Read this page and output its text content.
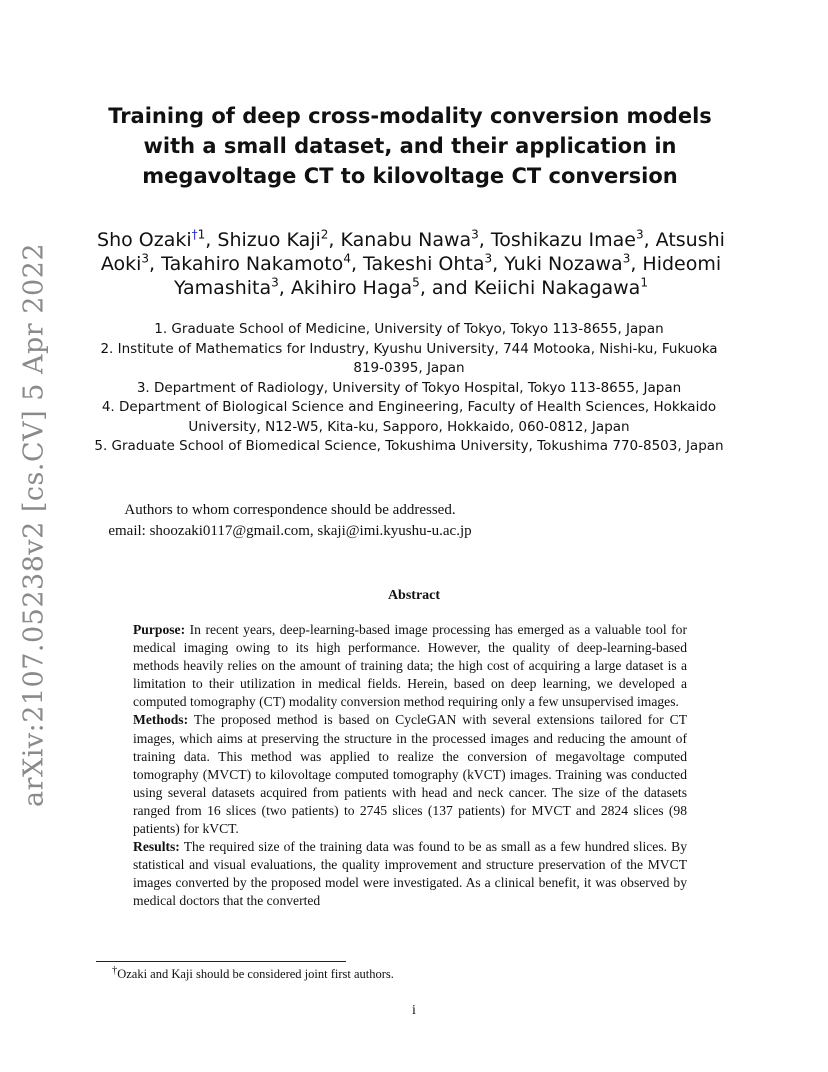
arXiv:2107.05238v2 [cs.CV] 5 Apr 2022
Training of deep cross-modality conversion models with a small dataset, and their application in megavoltage CT to kilovoltage CT conversion
Sho Ozaki$^{\dagger 1}$, Shizuo Kaji$^2$, Kanabu Nawa$^3$, Toshikazu Imae$^3$, Atsushi Aoki$^3$, Takahiro Nakamoto$^4$, Takeshi Ohta$^3$, Yuki Nozawa$^3$, Hideomi Yamashita$^3$, Akihiro Haga$^5$, and Keiichi Nakagawa$^1$
1. Graduate School of Medicine, University of Tokyo, Tokyo 113-8655, Japan
2. Institute of Mathematics for Industry, Kyushu University, 744 Motooka, Nishi-ku, Fukuoka 819-0395, Japan
3. Department of Radiology, University of Tokyo Hospital, Tokyo 113-8655, Japan
4. Department of Biological Science and Engineering, Faculty of Health Sciences, Hokkaido University, N12-W5, Kita-ku, Sapporo, Hokkaido, 060-0812, Japan
5. Graduate School of Biomedical Science, Tokushima University, Tokushima 770-8503, Japan
Authors to whom correspondence should be addressed.
email: shoozaki0117@gmail.com, skaji@imi.kyushu-u.ac.jp
Abstract

Purpose: In recent years, deep-learning-based image processing has emerged as a valuable tool for medical imaging owing to its high performance. However, the quality of deep-learning-based methods heavily relies on the amount of training data; the high cost of acquiring a large dataset is a limitation to their utilization in medical fields. Herein, based on deep learning, we developed a computed tomography (CT) modality conversion method requiring only a few unsupervised images.

Methods: The proposed method is based on CycleGAN with several extensions tailored for CT images, which aims at preserving the structure in the processed images and reducing the amount of training data. This method was applied to realize the conversion of megavoltage computed tomography (MVCT) to kilovoltage computed tomography (kVCT) images. Training was conducted using several datasets acquired from patients with head and neck cancer. The size of the datasets ranged from 16 slices (two patients) to 2745 slices (137 patients) for MVCT and 2824 slices (98 patients) for kVCT.

Results: The required size of the training data was found to be as small as a few hundred slices. By statistical and visual evaluations, the quality improvement and structure preservation of the MVCT images converted by the proposed model were investigated. As a clinical benefit, it was observed by medical doctors that the converted

†Ozaki and Kaji should be considered joint first authors.
i
